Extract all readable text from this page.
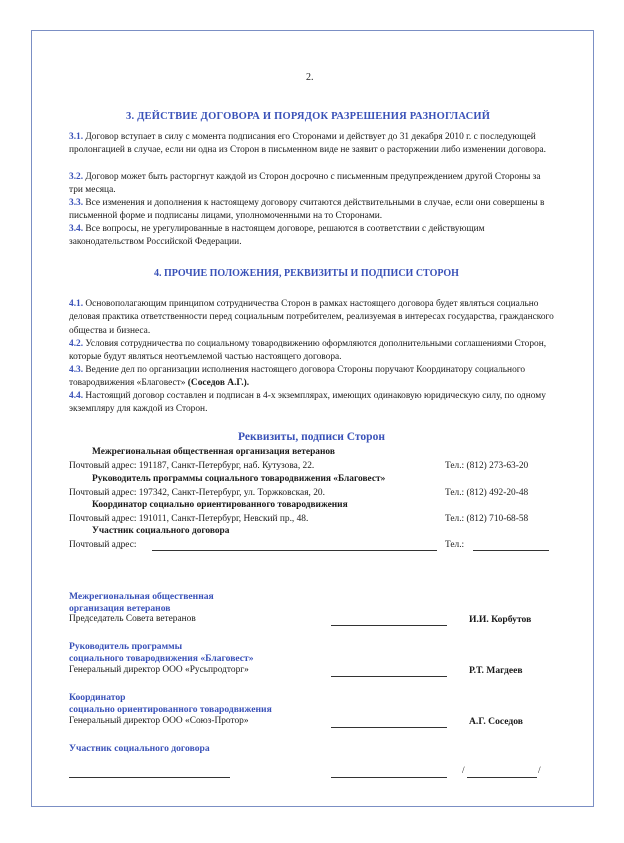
2.
3. ДЕЙСТВИЕ ДОГОВОРА И ПОРЯДОК РАЗРЕШЕНИЯ РАЗНОГЛАСИЙ
3.1. Договор вступает в силу с момента подписания его Сторонами и действует до 31 декабря 2010 г. с последующей пролонгацией в случае, если ни одна из Сторон в письменном виде не заявит о расторжении либо изменении договора.
3.2. Договор может быть расторгнут каждой из Сторон досрочно с письменным предупреждением другой Стороны за три месяца.
3.3. Все изменения и дополнения к настоящему договору считаются действительными в случае, если они совершены в письменной форме и подписаны лицами, уполномоченными на то Сторонами.
3.4. Все вопросы, не урегулированные в настоящем договоре, решаются в соответствии с действующим законодательством Российской Федерации.
4. ПРОЧИЕ ПОЛОЖЕНИЯ, РЕКВИЗИТЫ И ПОДПИСИ СТОРОН
4.1. Основополагающим принципом сотрудничества Сторон в рамках настоящего договора будет являться социально деловая практика ответственности перед социальным потребителем, реализуемая в интересах государства, гражданского общества и бизнеса.
4.2. Условия сотрудничества по социальному товародвижению оформляются дополнительными соглашениями Сторон, которые будут являться неотъемлемой частью настоящего договора.
4.3. Ведение дел по организации исполнения настоящего договора Стороны поручают Координатору социального товародвижения «Благовест» (Соседов А.Г.).
4.4. Настоящий договор составлен и подписан в 4-х экземплярах, имеющих одинаковую юридическую силу, по одному экземпляру для каждой из Сторон.
Реквизиты, подписи Сторон
Межрегиональная общественная организация ветеранов
Почтовый адрес: 191187, Санкт-Петербург, наб. Кутузова, 22.	Тел.: (812) 273-63-20
Руководитель программы социального товародвижения «Благовест»
Почтовый адрес: 197342, Санкт-Петербург, ул. Торжковская, 20.	Тел.: (812) 492-20-48
Координатор социально ориентированного товародвижения
Почтовый адрес: 191011, Санкт-Петербург, Невский пр., 48.	Тел.: (812) 710-68-58
Участник социального договора
Почтовый адрес:	Тел.:
Межрегиональная общественная
организация ветеранов
Председатель Совета ветеранов	И.И. Корбутов
Руководитель программы
социального товародвижения «Благовест»
Генеральный директор ООО «Русьпродторг»	Р.Т. Магдеев
Координатор
социально ориентированного товародвижения
Генеральный директор ООО «Союз-Протор»	А.Г. Соседов
Участник социального договора
/	/
